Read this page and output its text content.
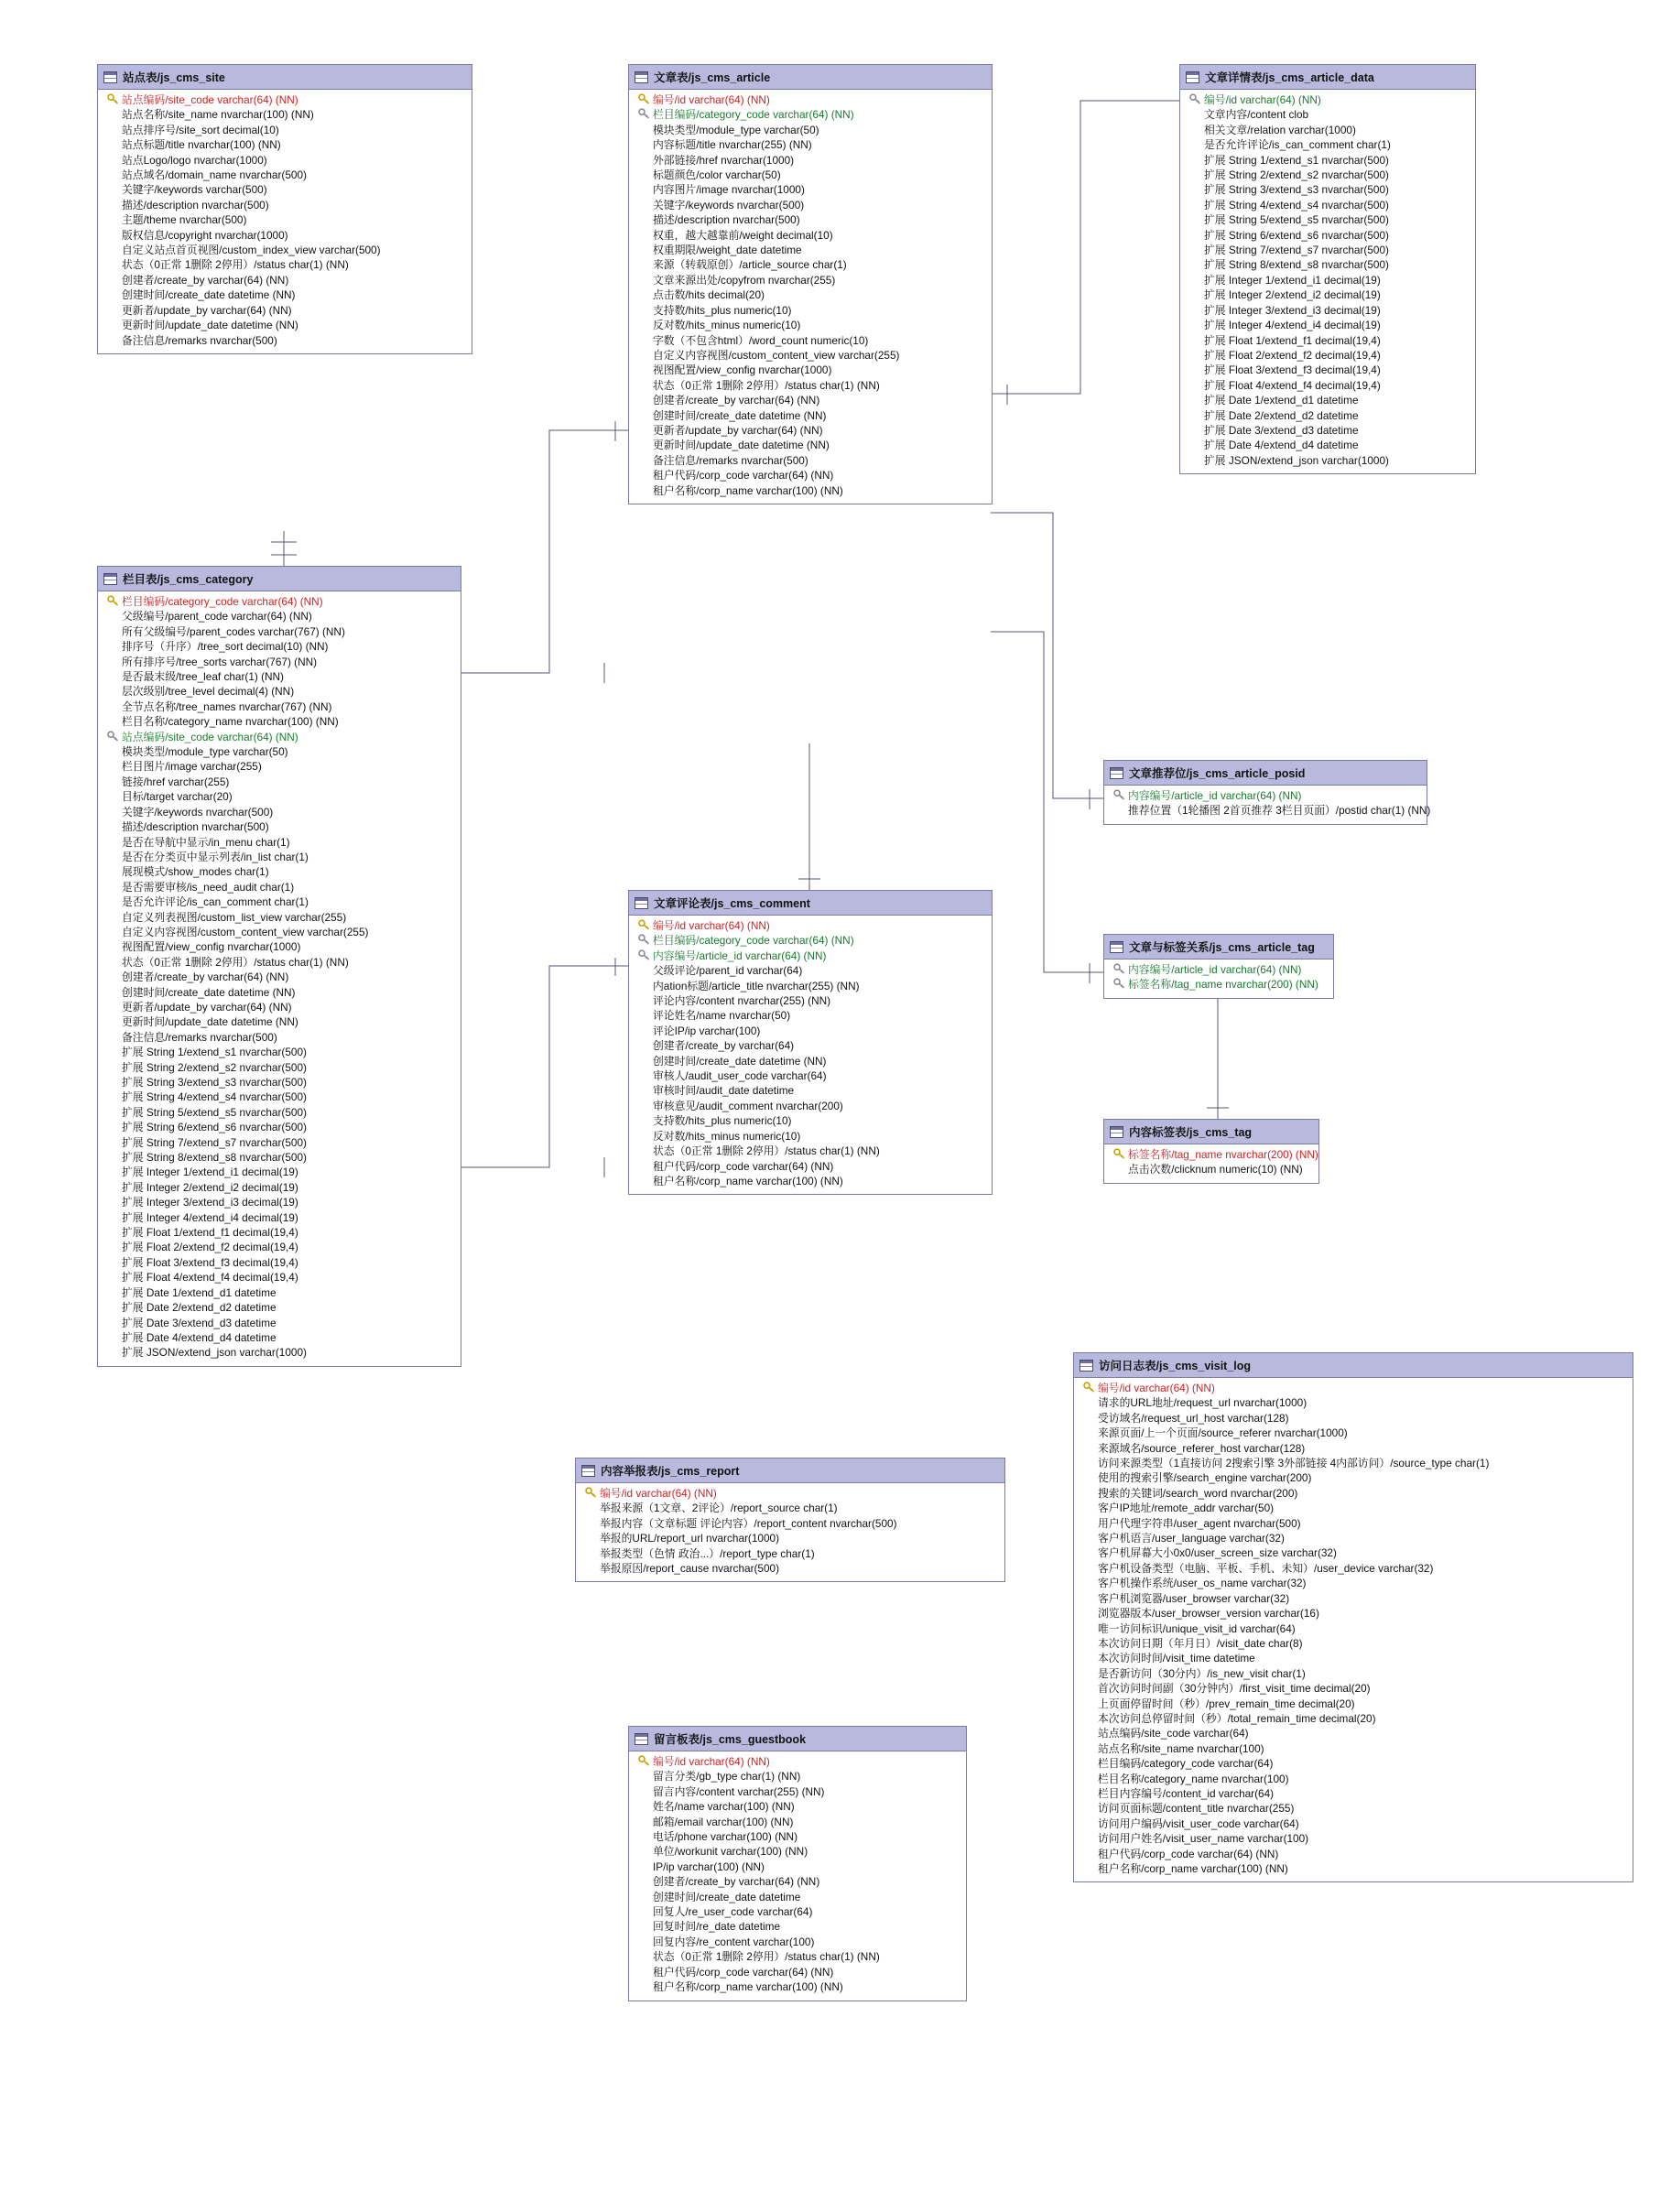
站点表/js_cms_site
站点编码/site_code varchar(64) (NN)
站点名称/site_name nvarchar(100) (NN)
站点排序号/site_sort decimal(10)
站点标题/title nvarchar(100) (NN)
站点Logo/logo nvarchar(1000)
站点域名/domain_name nvarchar(500)
关键字/keywords varchar(500)
描述/description nvarchar(500)
主题/theme nvarchar(500)
版权信息/copyright nvarchar(1000)
自定义站点首页视图/custom_index_view varchar(500)
状态（0正常 1删除 2停用）/status char(1) (NN)
创建者/create_by varchar(64) (NN)
创建时间/create_date datetime (NN)
更新者/update_by varchar(64) (NN)
更新时间/update_date datetime (NN)
备注信息/remarks nvarchar(500)
栏目表/js_cms_category
栏目编码/category_code varchar(64) (NN)
父级编号/parent_code varchar(64) (NN)
所有父级编号/parent_codes varchar(767) (NN)
排序号（升序）/tree_sort decimal(10) (NN)
所有排序号/tree_sorts varchar(767) (NN)
是否最末级/tree_leaf char(1) (NN)
层次级别/tree_level decimal(4) (NN)
全节点名称/tree_names nvarchar(767) (NN)
栏目名称/category_name nvarchar(100) (NN)
站点编码/site_code varchar(64) (NN)
模块类型/module_type varchar(50)
栏目图片/image varchar(255)
链接/href varchar(255)
目标/target varchar(20)
关键字/keywords nvarchar(500)
描述/description nvarchar(500)
是否在导航中显示/in_menu char(1)
是否在分类页中显示列表/in_list char(1)
展现模式/show_modes char(1)
是否需要审核/is_need_audit char(1)
是否允许评论/is_can_comment char(1)
自定义列表视图/custom_list_view varchar(255)
自定义内容视图/custom_content_view varchar(255)
视图配置/view_config nvarchar(1000)
状态（0正常 1删除 2停用）/status char(1) (NN)
创建者/create_by varchar(64) (NN)
创建时间/create_date datetime (NN)
更新者/update_by varchar(64) (NN)
更新时间/update_date datetime (NN)
备注信息/remarks nvarchar(500)
扩展 String 1/extend_s1 nvarchar(500)
扩展 String 2/extend_s2 nvarchar(500)
扩展 String 3/extend_s3 nvarchar(500)
扩展 String 4/extend_s4 nvarchar(500)
扩展 String 5/extend_s5 nvarchar(500)
扩展 String 6/extend_s6 nvarchar(500)
扩展 String 7/extend_s7 nvarchar(500)
扩展 String 8/extend_s8 nvarchar(500)
扩展 Integer 1/extend_i1 decimal(19)
扩展 Integer 2/extend_i2 decimal(19)
扩展 Integer 3/extend_i3 decimal(19)
扩展 Integer 4/extend_i4 decimal(19)
扩展 Float 1/extend_f1 decimal(19,4)
扩展 Float 2/extend_f2 decimal(19,4)
扩展 Float 3/extend_f3 decimal(19,4)
扩展 Float 4/extend_f4 decimal(19,4)
扩展 Date 1/extend_d1 datetime
扩展 Date 2/extend_d2 datetime
扩展 Date 3/extend_d3 datetime
扩展 Date 4/extend_d4 datetime
扩展 JSON/extend_json varchar(1000)
文章表/js_cms_article
编号/id varchar(64) (NN)
栏目编码/category_code varchar(64) (NN)
模块类型/module_type varchar(50)
内容标题/title nvarchar(255) (NN)
外部链接/href nvarchar(1000)
标题颜色/color varchar(50)
内容图片/image nvarchar(1000)
关键字/keywords nvarchar(500)
描述/description nvarchar(500)
权重，越大越靠前/weight decimal(10)
权重期限/weight_date datetime
来源（转载原创）/article_source char(1)
文章来源出处/copyfrom nvarchar(255)
点击数/hits decimal(20)
支持数/hits_plus numeric(10)
反对数/hits_minus numeric(10)
字数（不包含html）/word_count numeric(10)
自定义内容视图/custom_content_view varchar(255)
视图配置/view_config nvarchar(1000)
状态（0正常 1删除 2停用）/status char(1) (NN)
创建者/create_by varchar(64) (NN)
创建时间/create_date datetime (NN)
更新者/update_by varchar(64) (NN)
更新时间/update_date datetime (NN)
备注信息/remarks nvarchar(500)
租户代码/corp_code varchar(64) (NN)
租户名称/corp_name varchar(100) (NN)
文章详情表/js_cms_article_data
编号/id varchar(64) (NN)
文章内容/content clob
相关文章/relation varchar(1000)
是否允许评论/is_can_comment char(1)
扩展 String 1/extend_s1 nvarchar(500)
扩展 String 2/extend_s2 nvarchar(500)
扩展 String 3/extend_s3 nvarchar(500)
扩展 String 4/extend_s4 nvarchar(500)
扩展 String 5/extend_s5 nvarchar(500)
扩展 String 6/extend_s6 nvarchar(500)
扩展 String 7/extend_s7 nvarchar(500)
扩展 String 8/extend_s8 nvarchar(500)
扩展 Integer 1/extend_i1 decimal(19)
扩展 Integer 2/extend_i2 decimal(19)
扩展 Integer 3/extend_i3 decimal(19)
扩展 Integer 4/extend_i4 decimal(19)
扩展 Float 1/extend_f1 decimal(19,4)
扩展 Float 2/extend_f2 decimal(19,4)
扩展 Float 3/extend_f3 decimal(19,4)
扩展 Float 4/extend_f4 decimal(19,4)
扩展 Date 1/extend_d1 datetime
扩展 Date 2/extend_d2 datetime
扩展 Date 3/extend_d3 datetime
扩展 Date 4/extend_d4 datetime
扩展 JSON/extend_json varchar(1000)
文章推荐位/js_cms_article_posid
内容编号/article_id varchar(64) (NN)
推荐位置（1轮播图 2首页推荐 3栏目页面）/postid char(1) (NN)
文章与标签关系/js_cms_article_tag
内容编号/article_id varchar(64) (NN)
标签名称/tag_name nvarchar(200) (NN)
内容标签表/js_cms_tag
标签名称/tag_name nvarchar(200) (NN)
点击次数/clicknum numeric(10) (NN)
文章评论表/js_cms_comment
编号/id varchar(64) (NN)
栏目编码/category_code varchar(64) (NN)
内容编号/article_id varchar(64) (NN)
父级评论/parent_id varchar(64)
内ation标题/article_title nvarchar(255) (NN)
评论内容/content nvarchar(255) (NN)
评论姓名/name nvarchar(50)
评论IP/ip varchar(100)
创建者/create_by varchar(64)
创建时间/create_date datetime (NN)
审核人/audit_user_code varchar(64)
审核时间/audit_date datetime
审核意见/audit_comment nvarchar(200)
支持数/hits_plus numeric(10)
反对数/hits_minus numeric(10)
状态（0正常 1删除 2停用）/status char(1) (NN)
租户代码/corp_code varchar(64) (NN)
租户名称/corp_name varchar(100) (NN)
内容举报表/js_cms_report
编号/id varchar(64) (NN)
举报来源（1文章、2评论）/report_source char(1)
举报内容（文章标题 评论内容）/report_content nvarchar(500)
举报的URL/report_url nvarchar(1000)
举报类型（色情 政治...）/report_type char(1)
举报原因/report_cause nvarchar(500)
留言板表/js_cms_guestbook
编号/id varchar(64) (NN)
留言分类/gb_type char(1) (NN)
留言内容/content varchar(255) (NN)
姓名/name varchar(100) (NN)
邮箱/email varchar(100) (NN)
电话/phone varchar(100) (NN)
单位/workunit varchar(100) (NN)
IP/ip varchar(100) (NN)
创建者/create_by varchar(64) (NN)
创建时间/create_date datetime
回复人/re_user_code varchar(64)
回复时间/re_date datetime
回复内容/re_content varchar(100)
状态（0正常 1删除 2停用）/status char(1) (NN)
租户代码/corp_code varchar(64) (NN)
租户名称/corp_name varchar(100) (NN)
访问日志表/js_cms_visit_log
编号/id varchar(64) (NN)
请求的URL地址/request_url nvarchar(1000)
受访域名/request_url_host varchar(128)
来源页面/上一个页面/source_referer nvarchar(1000)
来源域名/source_referer_host varchar(128)
访问来源类型（1直接访问 2搜索引擎 3外部链接 4内部访问）/source_type char(1)
使用的搜索引擎/search_engine varchar(200)
搜索的关键词/search_word nvarchar(200)
客户IP地址/remote_addr varchar(50)
用户代理字符串/user_agent nvarchar(500)
客户机语言/user_language varchar(32)
客户机屏幕大小0x0/user_screen_size varchar(32)
客户机设备类型（电脑、平板、手机、未知）/user_device varchar(32)
客户机操作系统/user_os_name varchar(32)
客户机浏览器/user_browser varchar(32)
浏览器版本/user_browser_version varchar(16)
唯一访问标识/unique_visit_id varchar(64)
本次访问日期（年月日）/visit_date char(8)
本次访问时间/visit_time datetime
是否新访问（30分内）/is_new_visit char(1)
首次访问时间副（30分钟内）/first_visit_time decimal(20)
上页面停留时间（秒）/prev_remain_time decimal(20)
本次访问总停留时间（秒）/total_remain_time decimal(20)
站点编码/site_code varchar(64)
站点名称/site_name nvarchar(100)
栏目编码/category_code varchar(64)
栏目名称/category_name nvarchar(100)
栏目内容编号/content_id varchar(64)
访问页面标题/content_title nvarchar(255)
访问用户编码/visit_user_code varchar(64)
访问用户姓名/visit_user_name varchar(100)
租户代码/corp_code varchar(64) (NN)
租户名称/corp_name varchar(100) (NN)
